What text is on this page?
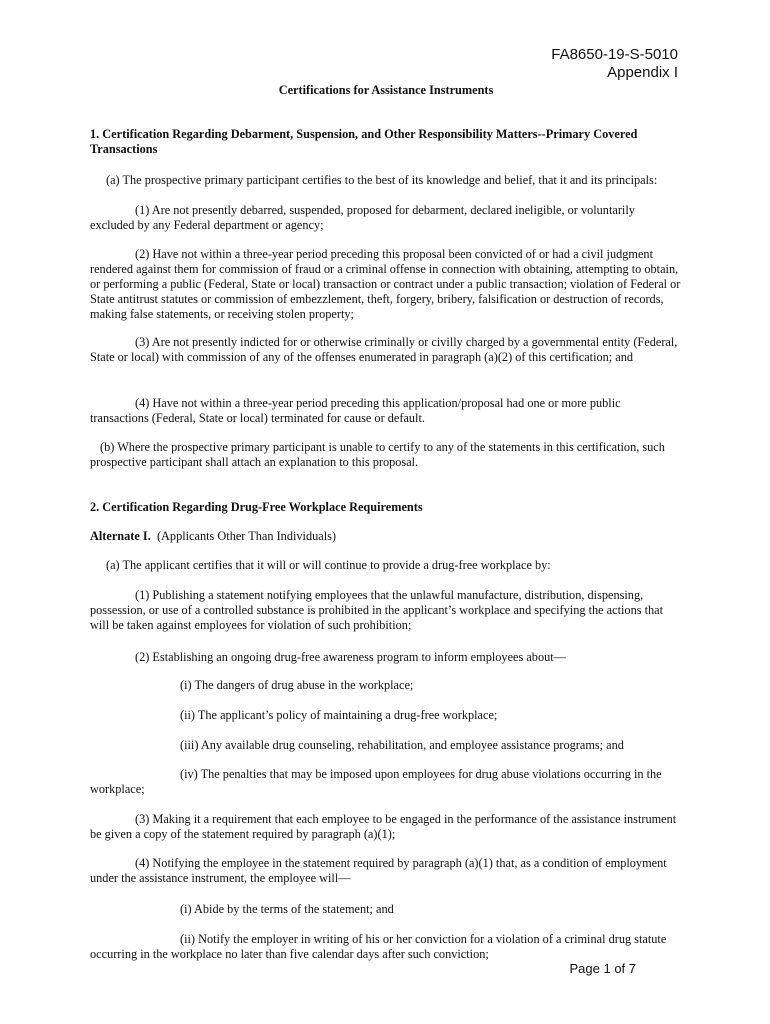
FA8650-19-S-5010
Appendix I
Certifications for Assistance Instruments

1. Certification Regarding Debarment, Suspension, and Other Responsibility Matters--Primary Covered Transactions

(a) The prospective primary participant certifies to the best of its knowledge and belief, that it and its principals:

(1) Are not presently debarred, suspended, proposed for debarment, declared ineligible, or voluntarily excluded by any Federal department or agency;

(2) Have not within a three-year period preceding this proposal been convicted of or had a civil judgment rendered against them for commission of fraud or a criminal offense in connection with obtaining, attempting to obtain, or performing a public (Federal, State or local) transaction or contract under a public transaction; violation of Federal or State antitrust statutes or commission of embezzlement, theft, forgery, bribery, falsification or destruction of records, making false statements, or receiving stolen property;

(3) Are not presently indicted for or otherwise criminally or civilly charged by a governmental entity (Federal, State or local) with commission of any of the offenses enumerated in paragraph (a)(2) of this certification; and

(4) Have not within a three-year period preceding this application/proposal had one or more public transactions (Federal, State or local) terminated for cause or default.

(b) Where the prospective primary participant is unable to certify to any of the statements in this certification, such prospective participant shall attach an explanation to this proposal.

2. Certification Regarding Drug-Free Workplace Requirements

Alternate I. (Applicants Other Than Individuals)

(a) The applicant certifies that it will or will continue to provide a drug-free workplace by:

(1) Publishing a statement notifying employees that the unlawful manufacture, distribution, dispensing, possession, or use of a controlled substance is prohibited in the applicant’s workplace and specifying the actions that will be taken against employees for violation of such prohibition;

(2) Establishing an ongoing drug-free awareness program to inform employees about—

(i) The dangers of drug abuse in the workplace;

(ii) The applicant’s policy of maintaining a drug-free workplace;

(iii) Any available drug counseling, rehabilitation, and employee assistance programs; and

(iv) The penalties that may be imposed upon employees for drug abuse violations occurring in the

workplace;

(3) Making it a requirement that each employee to be engaged in the performance of the assistance instrument be given a copy of the statement required by paragraph (a)(1);

(4) Notifying the employee in the statement required by paragraph (a)(1) that, as a condition of employment under the assistance instrument, the employee will—

(i) Abide by the terms of the statement; and

(ii) Notify the employer in writing of his or her conviction for a violation of a criminal drug statute occurring in the workplace no later than five calendar days after such conviction;

Page 1 of 7
